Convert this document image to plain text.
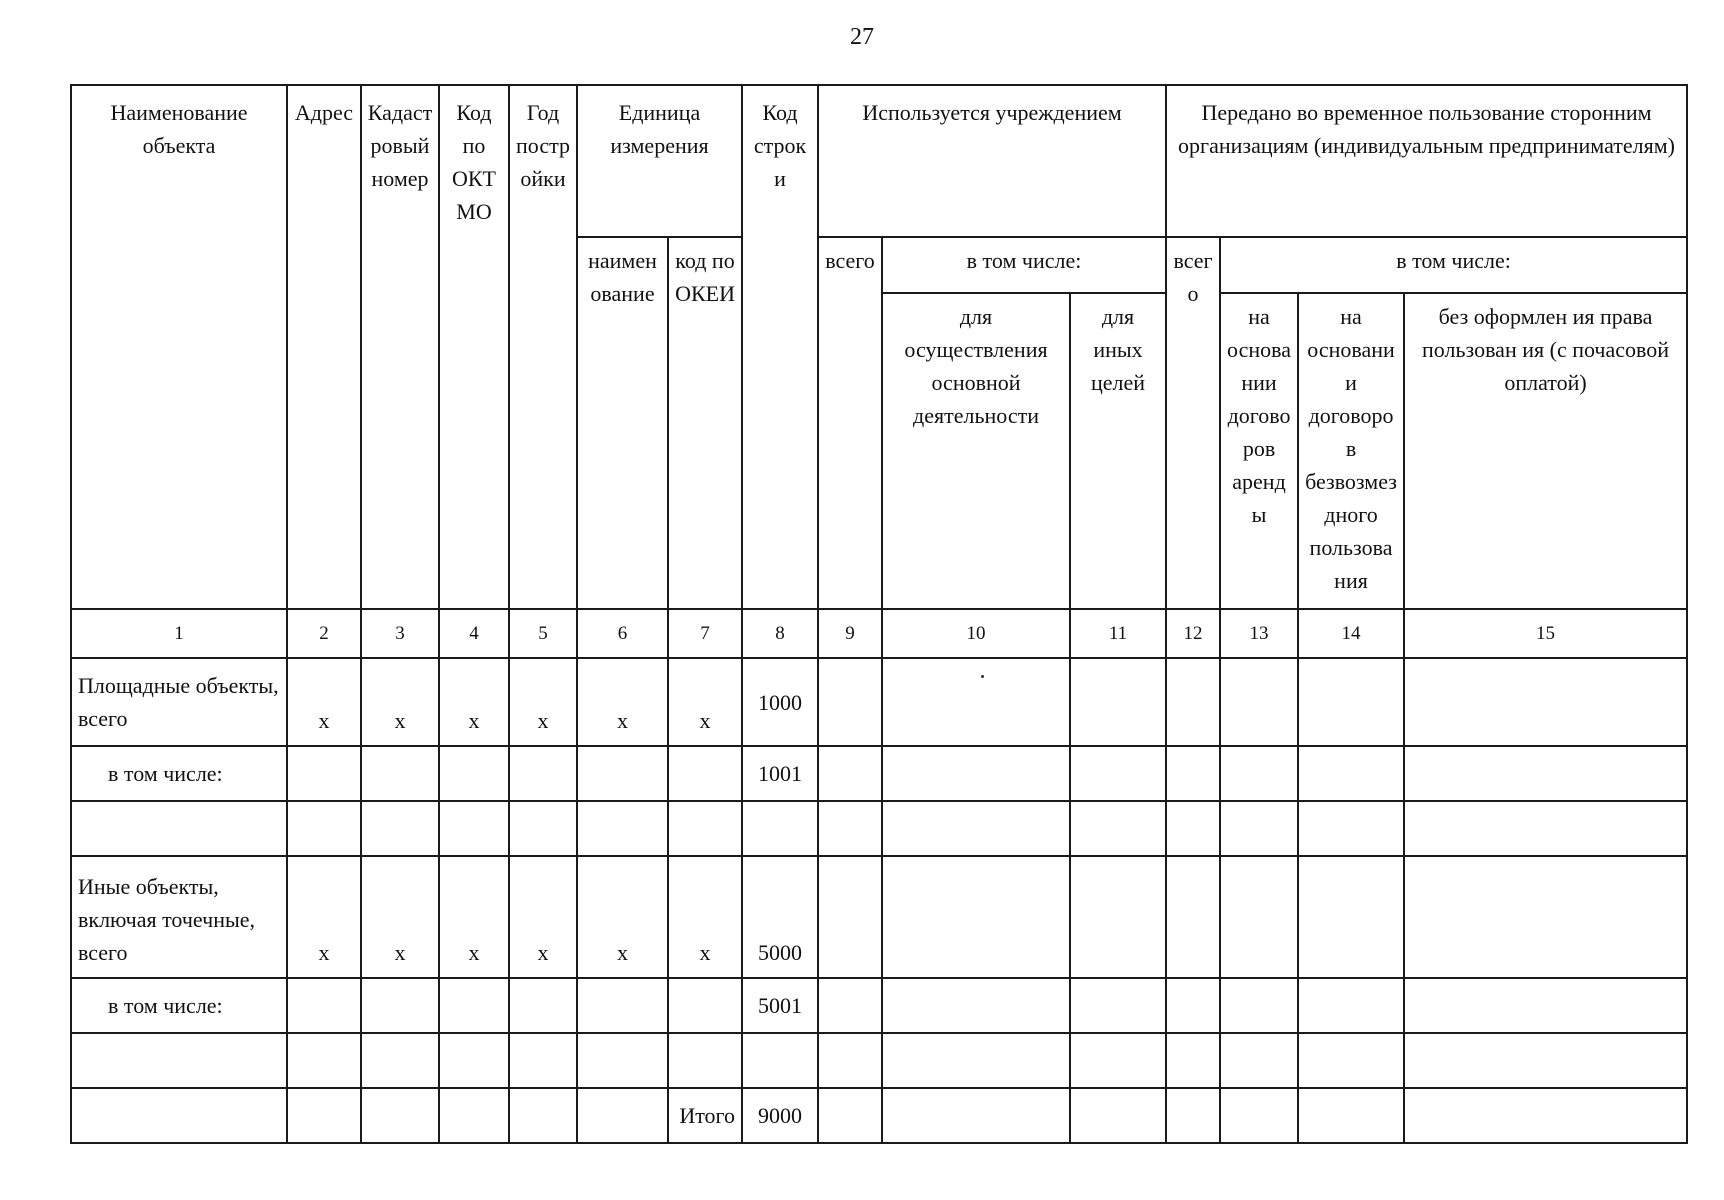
27
Наименование объекта	Адрес	Кадаст ровый номер	Код по ОКТ МО	Год постр ойки	Единица измерения		Код строк и	Используется учреждением			Передано во временное пользование сторонним организациям (индивидуальным предпринимателям)			
					наимен ование	код по ОКЕИ		всего	в том числе:		всег о	в том числе:		
									для осуществления основной деятельности	для иных целей		на основа нии догово ров аренд ы	на основани и договоро в безвозмез дного пользова ния	без оформлен ия права пользован ия (с почасовой оплатой)
1	2	3	4	5	6	7	8	9	10	11	12	13	14	15
Площадные объекты, всего	х	х	х	х	х	х	1000		

в том числе:							1001							

Иные объекты, включая точечные, всего	х	х	х	х	х	х	5000							
в том числе:							5001							

						Итого	9000							
